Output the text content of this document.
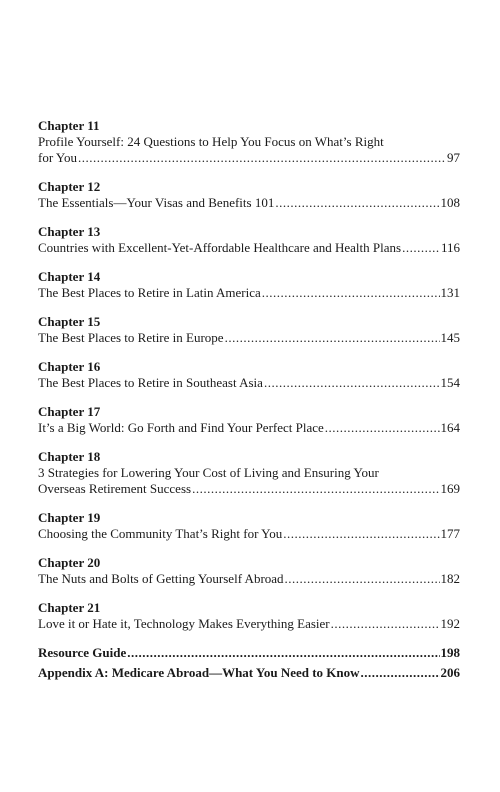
Chapter 11
Profile Yourself: 24 Questions to Help You Focus on What’s Right
for You .....	97
Chapter 12
The Essentials—Your Visas and Benefits 101 .....	108
Chapter 13
Countries with Excellent-Yet-Affordable Healthcare and Health Plans .....	116
Chapter 14
The Best Places to Retire in Latin America .....	131
Chapter 15
The Best Places to Retire in Europe .....	145
Chapter 16
The Best Places to Retire in Southeast Asia .....	154
Chapter 17
It’s a Big World: Go Forth and Find Your Perfect Place .....	164
Chapter 18
3 Strategies for Lowering Your Cost of Living and Ensuring Your
Overseas Retirement Success .....	169
Chapter 19
Choosing the Community That’s Right for You .....	177
Chapter 20
The Nuts and Bolts of Getting Yourself Abroad .....	182
Chapter 21
Love it or Hate it, Technology Makes Everything Easier .....	192
Resource Guide .....	198
Appendix A: Medicare Abroad—What You Need to Know .....	206
